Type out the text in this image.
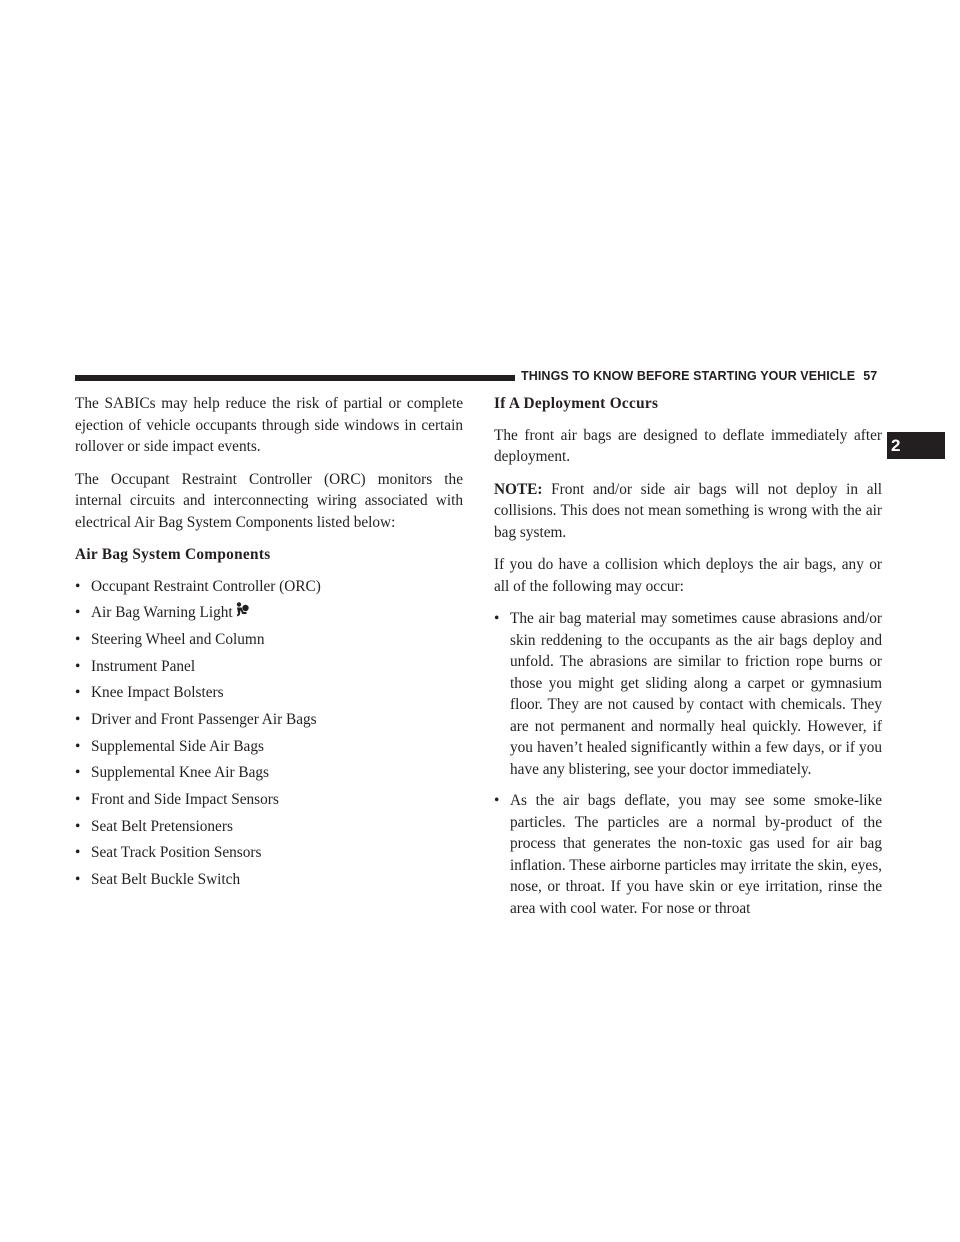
THINGS TO KNOW BEFORE STARTING YOUR VEHICLE 57
2

The SABICs may help reduce the risk of partial or complete ejection of vehicle occupants through side windows in certain rollover or side impact events.

The Occupant Restraint Controller (ORC) monitors the internal circuits and interconnecting wiring associated with electrical Air Bag System Components listed below:

Air Bag System Components
• Occupant Restraint Controller (ORC)
• Air Bag Warning Light
• Steering Wheel and Column
• Instrument Panel
• Knee Impact Bolsters
• Driver and Front Passenger Air Bags
• Supplemental Side Air Bags
• Supplemental Knee Air Bags
• Front and Side Impact Sensors
• Seat Belt Pretensioners
• Seat Track Position Sensors
• Seat Belt Buckle Switch
If A Deployment Occurs

The front air bags are designed to deflate immediately after deployment.

NOTE: Front and/or side air bags will not deploy in all collisions. This does not mean something is wrong with the air bag system.

If you do have a collision which deploys the air bags, any or all of the following may occur:

• The air bag material may sometimes cause abrasions and/or skin reddening to the occupants as the air bags deploy and unfold. The abrasions are similar to friction rope burns or those you might get sliding along a carpet or gymnasium floor. They are not caused by contact with chemicals. They are not permanent and normally heal quickly. However, if you haven’t healed significantly within a few days, or if you have any blistering, see your doctor immediately.
• As the air bags deflate, you may see some smoke-like particles. The particles are a normal by-product of the process that generates the non-toxic gas used for air bag inflation. These airborne particles may irritate the skin, eyes, nose, or throat. If you have skin or eye irritation, rinse the area with cool water. For nose or throat
